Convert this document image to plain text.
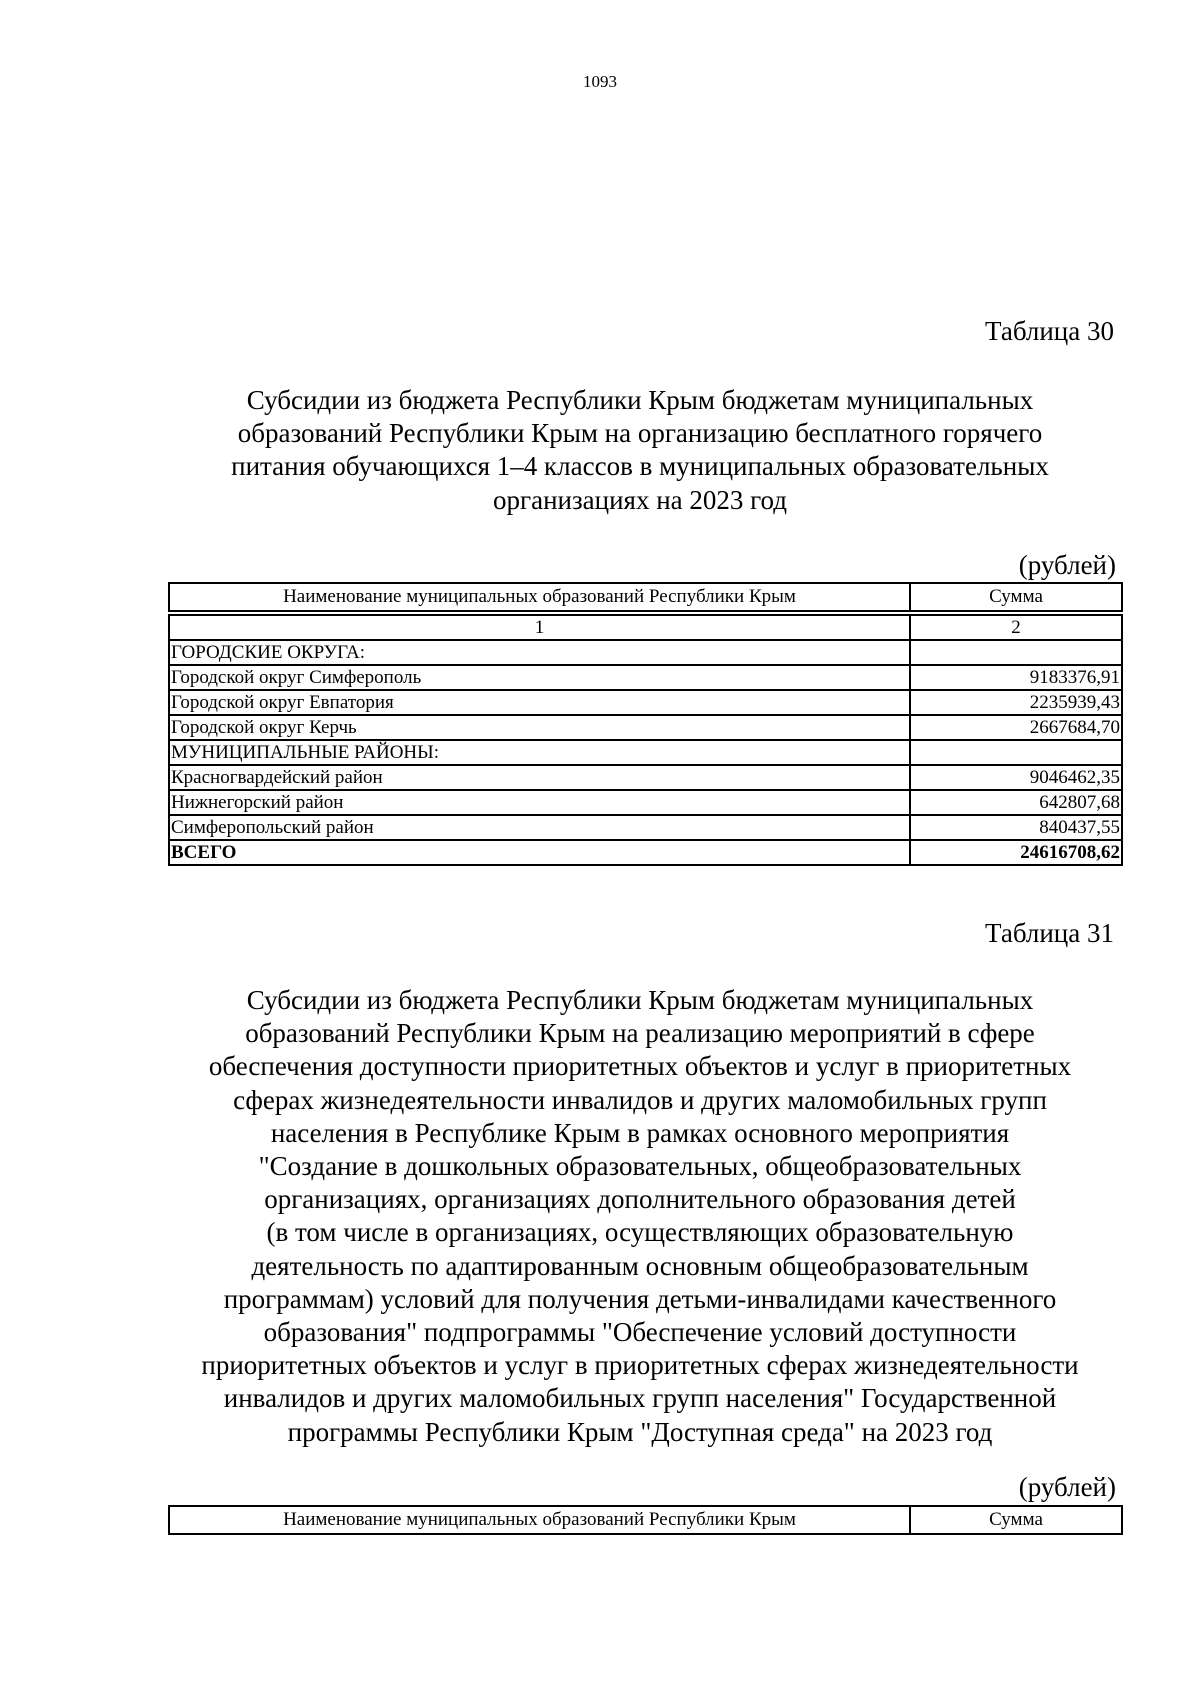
1093
Таблица 30
Субсидии из бюджета Республики Крым бюджетам муниципальных
образований Республики Крым на организацию бесплатного горячего
питания обучающихся 1–4 классов в муниципальных образовательных
организациях на 2023 год
(рублей)
Наименование муниципальных образований Республики Крым	Сумма

1	2
ГОРОДСКИЕ ОКРУГА:	
Городской округ Симферополь	9183376,91
Городской округ Евпатория	2235939,43
Городской округ Керчь	2667684,70
МУНИЦИПАЛЬНЫЕ РАЙОНЫ:	
Красногвардейский район	9046462,35
Нижнегорский район	642807,68
Симферопольский район	840437,55
ВСЕГО	24616708,62
Таблица 31
Субсидии из бюджета Республики Крым бюджетам муниципальных
образований Республики Крым на реализацию мероприятий в сфере
обеспечения доступности приоритетных объектов и услуг в приоритетных
сферах жизнедеятельности инвалидов и других маломобильных групп
населения в Республике Крым в рамках основного мероприятия
"Создание в дошкольных образовательных, общеобразовательных
организациях, организациях дополнительного образования детей
(в том числе в организациях, осуществляющих образовательную
деятельность по адаптированным основным общеобразовательным
программам) условий для получения детьми-инвалидами качественного
образования" подпрограммы "Обеспечение условий доступности
приоритетных объектов и услуг в приоритетных сферах жизнедеятельности
инвалидов и других маломобильных групп населения" Государственной
программы Республики Крым "Доступная среда" на 2023 год
(рублей)
Наименование муниципальных образований Республики Крым	Сумма
